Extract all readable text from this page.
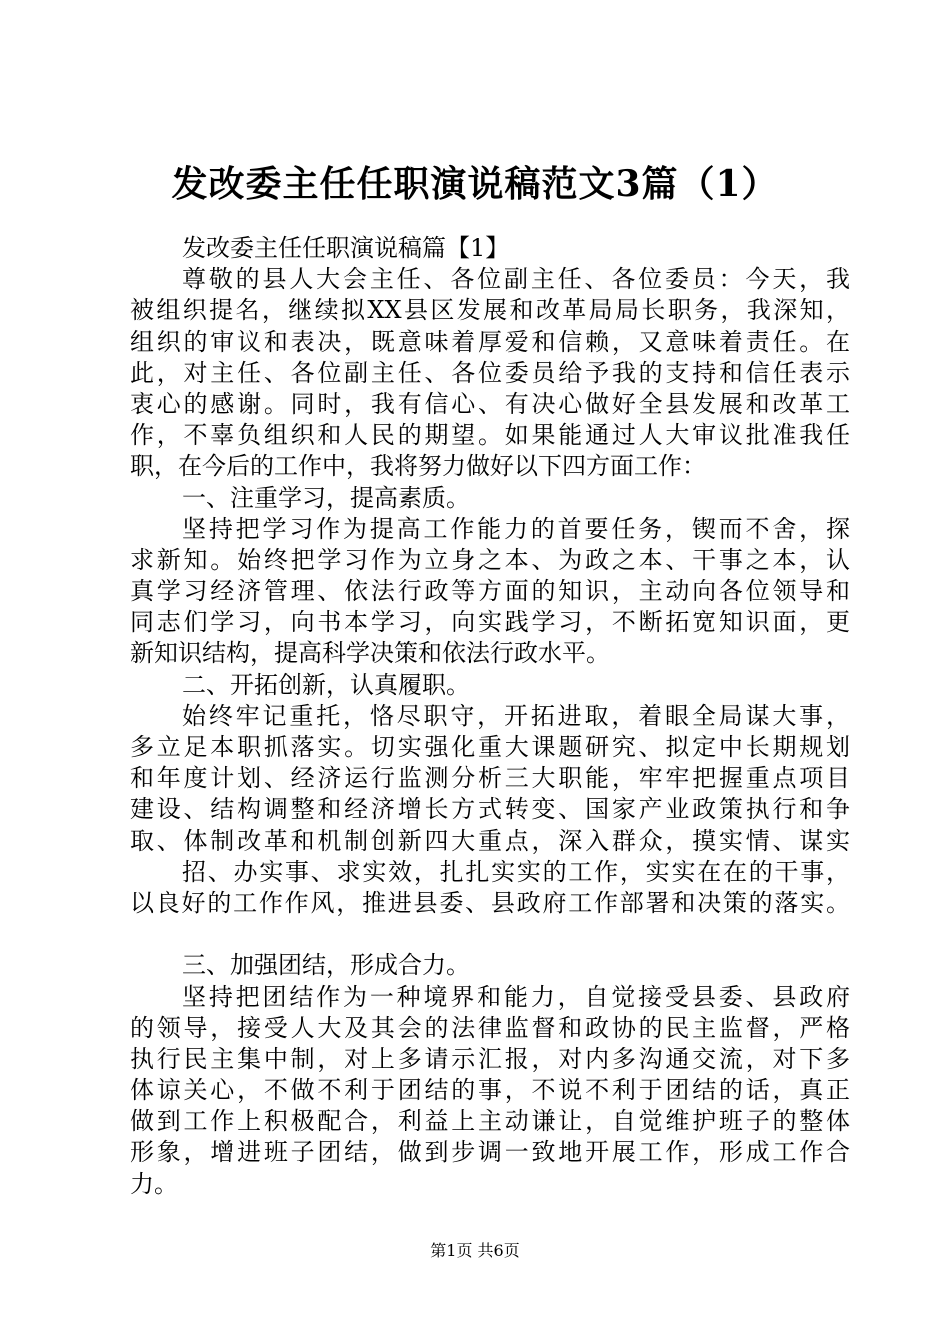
发改委主任任职演说稿范文3篇（1）
发改委主任任职演说稿篇【1】
尊敬的县人大会主任、各位副主任、各位委员：今天，我
被组织提名，继续拟XX县区发展和改革局局长职务，我深知，
组织的审议和表决，既意味着厚爱和信赖，又意味着责任。在
此，对主任、各位副主任、各位委员给予我的支持和信任表示
衷心的感谢。同时，我有信心、有决心做好全县发展和改革工
作，不辜负组织和人民的期望。如果能通过人大审议批准我任
职，在今后的工作中，我将努力做好以下四方面工作：
一、注重学习，提高素质。
坚持把学习作为提高工作能力的首要任务，锲而不舍，探
求新知。始终把学习作为立身之本、为政之本、干事之本，认
真学习经济管理、依法行政等方面的知识，主动向各位领导和
同志们学习，向书本学习，向实践学习，不断拓宽知识面，更
新知识结构，提高科学决策和依法行政水平。
二、开拓创新，认真履职。
始终牢记重托，恪尽职守，开拓进取，着眼全局谋大事，
多立足本职抓落实。切实强化重大课题研究、拟定中长期规划
和年度计划、经济运行监测分析三大职能，牢牢把握重点项目
建设、结构调整和经济增长方式转变、国家产业政策执行和争
取、体制改革和机制创新四大重点，深入群众，摸实情、谋实
招、办实事、求实效，扎扎实实的工作，实实在在的干事，
以良好的工作作风，推进县委、县政府工作部署和决策的落实。
三、加强团结，形成合力。
坚持把团结作为一种境界和能力，自觉接受县委、县政府
的领导，接受人大及其会的法律监督和政协的民主监督，严格
执行民主集中制，对上多请示汇报，对内多沟通交流，对下多
体谅关心，不做不利于团结的事，不说不利于团结的话，真正
做到工作上积极配合，利益上主动谦让，自觉维护班子的整体
形象，增进班子团结，做到步调一致地开展工作，形成工作合
力。
第1页 共6页
